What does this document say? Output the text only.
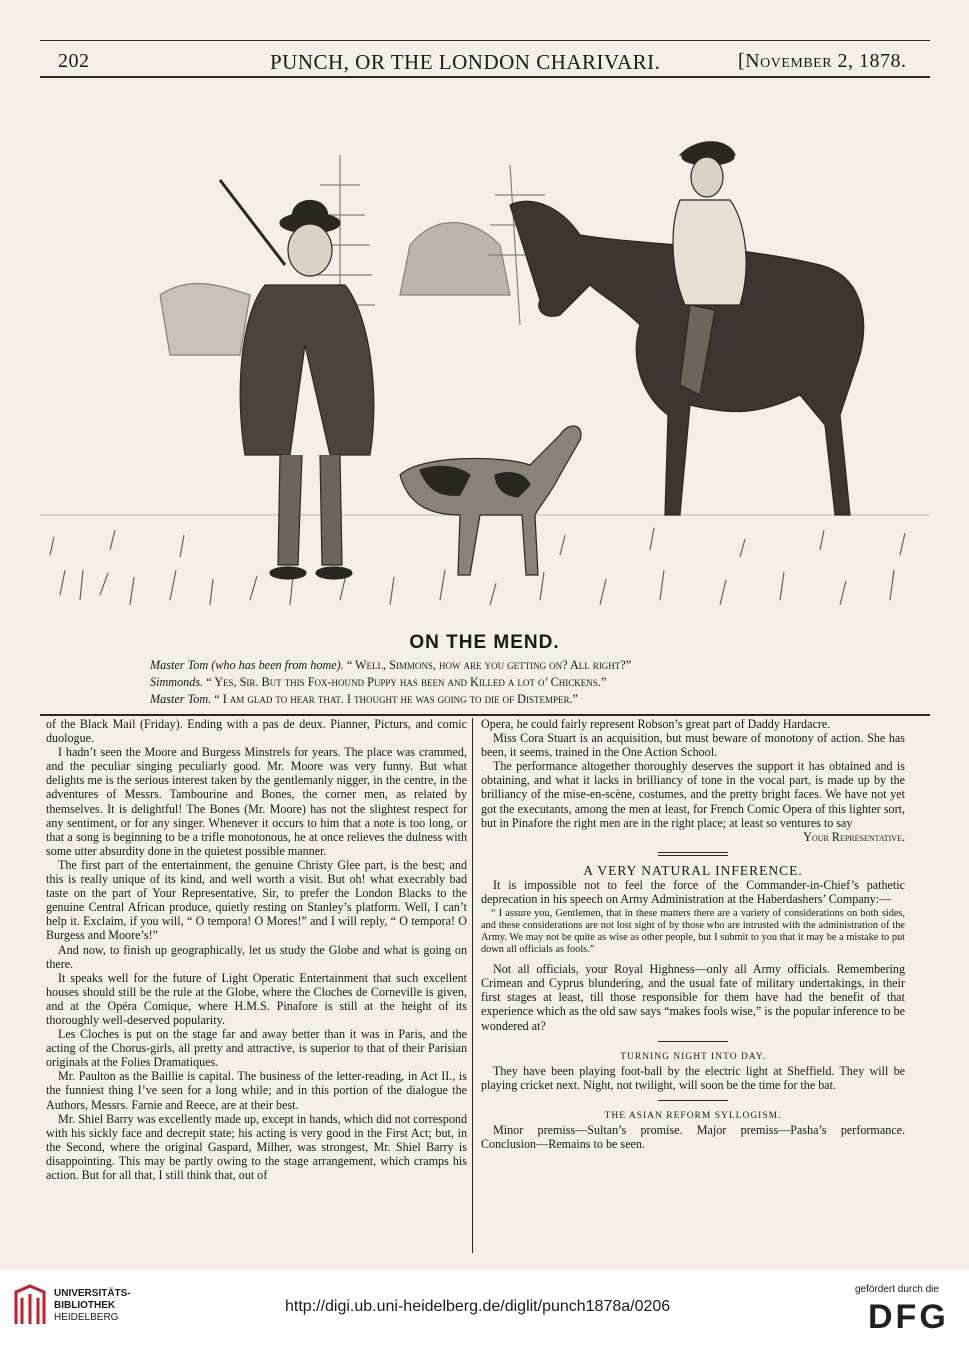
202	PUNCH, OR THE LONDON CHARIVARI.	[November 2, 1878.
ON THE MEND.
Master Tom (who has been from home). “ Well, Simmons, how are you getting on? All right?”
Simmonds. “ Yes, Sir. But this Fox-hound Puppy has been and Killed a lot o’ Chickens.”
Master Tom. “ I am glad to hear that. I thought he was going to die of Distemper.”

of the Black Mail (Friday). Ending with a pas de deux. Pianner, Picturs, and comic duologue.

I hadn’t seen the Moore and Burgess Minstrels for years. The place was crammed, and the peculiar singing peculiarly good. Mr. Moore was very funny. But what delights me is the serious interest taken by the gentlemanly nigger, in the centre, in the adventures of Messrs. Tambourine and Bones, the corner men, as related by themselves. It is delightful! The Bones (Mr. Moore) has not the slightest respect for any sentiment, or for any singer. Whenever it occurs to him that a note is too long, or that a song is beginning to be a trifle monotonous, he at once relieves the dulness with some utter absurdity done in the quietest possible manner.

The first part of the entertainment, the genuine Christy Glee part, is the best; and this is really unique of its kind, and well worth a visit. But oh! what execrably bad taste on the part of Your Representative, Sir, to prefer the London Blacks to the genuine Central African produce, quietly resting on Stanley’s platform. Well, I can’t help it. Exclaim, if you will, “ O tempora! O Mores!” and I will reply, “ O tempora! O Burgess and Moore’s!”

And now, to finish up geographically, let us study the Globe and what is going on there.

It speaks well for the future of Light Operatic Entertainment that such excellent houses should still be the rule at the Globe, where the Cloches de Corneville is given, and at the Opéra Comique, where H.M.S. Pinafore is still at the height of its thoroughly well-deserved popularity.

Les Cloches is put on the stage far and away better than it was in Paris, and the acting of the Chorus-girls, all pretty and attractive, is superior to that of their Parisian originals at the Folies Dramatiques.

Mr. Paulton as the Baillie is capital. The business of the letter-reading, in Act II., is the funniest thing I’ve seen for a long while; and in this portion of the dialogue the Authors, Messrs. Farnie and Reece, are at their best.

Mr. Shiel Barry was excellently made up, except in hands, which did not correspond with his sickly face and decrepit state; his acting is very good in the First Act; but, in the Second, where the original Gaspard, Milher, was strongest, Mr. Shiel Barry is disappointing. This may be partly owing to the stage arrangement, which cramps his action. But for all that, I still think that, out of

Opera, he could fairly represent Robson’s great part of Daddy Hardacre.

Miss Cora Stuart is an acquisition, but must beware of monotony of action. She has been, it seems, trained in the One Action School.

The performance altogether thoroughly deserves the support it has obtained and is obtaining, and what it lacks in brilliancy of tone in the vocal part, is made up by the brilliancy of the mise-en-scène, costumes, and the pretty bright faces. We have not yet got the executants, among the men at least, for French Comic Opera of this lighter sort, but in Pinafore the right men are in the right place; at least so ventures to say

Your Representative.

A VERY NATURAL INFERENCE.

It is impossible not to feel the force of the Commander-in-Chief’s pathetic deprecation in his speech on Army Administration at the Haberdashers’ Company:—

“ I assure you, Gentlemen, that in these matters there are a variety of considerations on both sides, and these considerations are not lost sight of by those who are intrusted with the administration of the Army. We may not be quite as wise as other people, but I submit to you that it may be a mistake to put down all officials as fools.”

Not all officials, your Royal Highness—only all Army officials. Remembering Crimean and Cyprus blundering, and the usual fate of military undertakings, in their first stages at least, till those responsible for them have had the benefit of that experience which as the old saw says “makes fools wise,” is the popular inference to be wondered at?

TURNING NIGHT INTO DAY.

They have been playing foot-ball by the electric light at Sheffield. They will be playing cricket next. Night, not twilight, will soon be the time for the bat.

THE ASIAN REFORM SYLLOGISM.

Minor premiss—Sultan’s promise. Major premiss—Pasha’s performance. Conclusion—Remains to be seen.

UNIVERSITÄTS-
BIBLIOTHEK
HEIDELBERG
http://digi.ub.uni-heidelberg.de/diglit/punch1878a/0206
gefördert durch die
DFG
